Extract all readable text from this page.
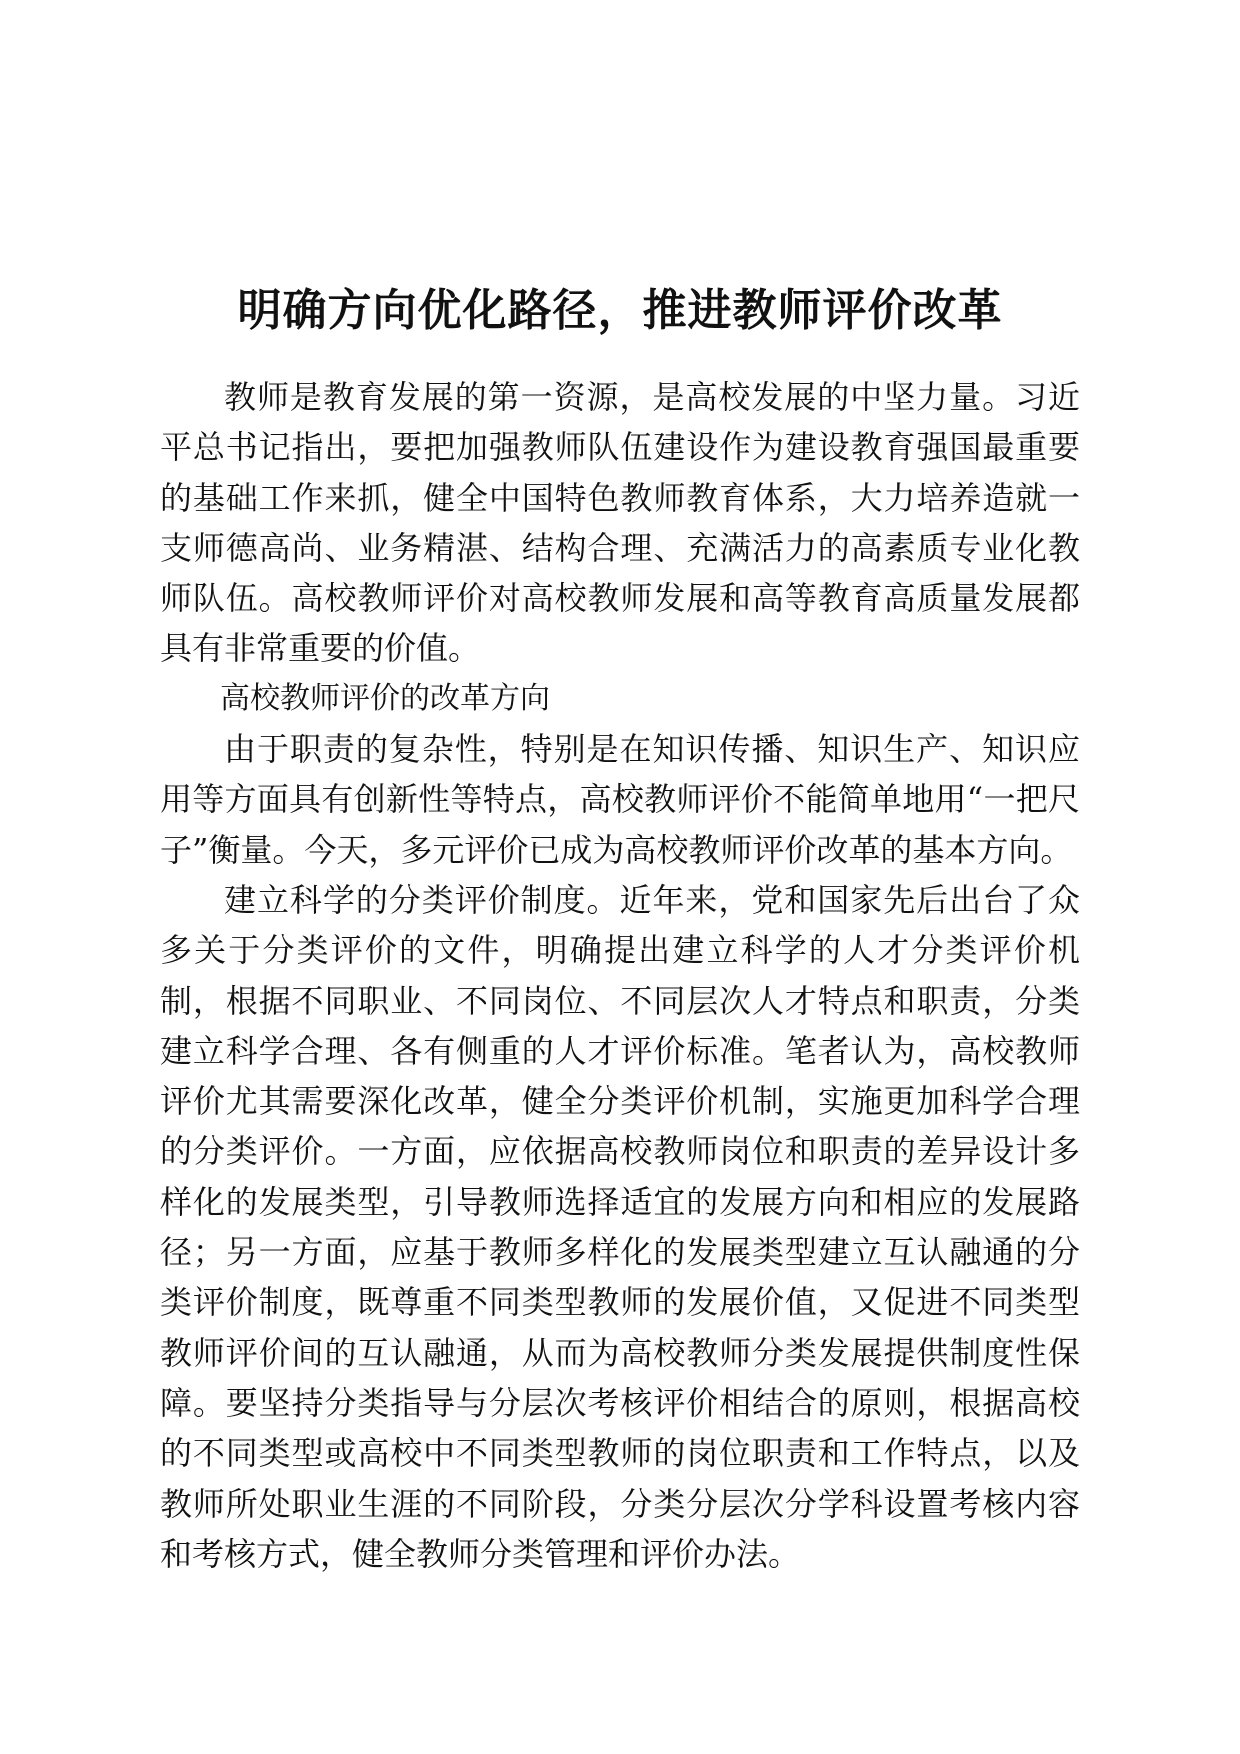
明确方向优化路径，推进教师评价改革

教师是教育发展的第一资源，是高校发展的中坚力量。习近平总书记指出，要把加强教师队伍建设作为建设教育强国最重要的基础工作来抓，健全中国特色教师教育体系，大力培养造就一支师德高尚、业务精湛、结构合理、充满活力的高素质专业化教师队伍。高校教师评价对高校教师发展和高等教育高质量发展都具有非常重要的价值。

高校教师评价的改革方向

由于职责的复杂性，特别是在知识传播、知识生产、知识应用等方面具有创新性等特点，高校教师评价不能简单地用“一把尺子”衡量。今天，多元评价已成为高校教师评价改革的基本方向。

建立科学的分类评价制度。近年来，党和国家先后出台了众多关于分类评价的文件，明确提出建立科学的人才分类评价机制，根据不同职业、不同岗位、不同层次人才特点和职责，分类建立科学合理、各有侧重的人才评价标准。笔者认为，高校教师评价尤其需要深化改革，健全分类评价机制，实施更加科学合理的分类评价。一方面，应依据高校教师岗位和职责的差异设计多样化的发展类型，引导教师选择适宜的发展方向和相应的发展路径；另一方面，应基于教师多样化的发展类型建立互认融通的分类评价制度，既尊重不同类型教师的发展价值，又促进不同类型教师评价间的互认融通，从而为高校教师分类发展提供制度性保障。要坚持分类指导与分层次考核评价相结合的原则，根据高校的不同类型或高校中不同类型教师的岗位职责和工作特点，以及教师所处职业生涯的不同阶段，分类分层次分学科设置考核内容和考核方式，健全教师分类管理和评价办法。
